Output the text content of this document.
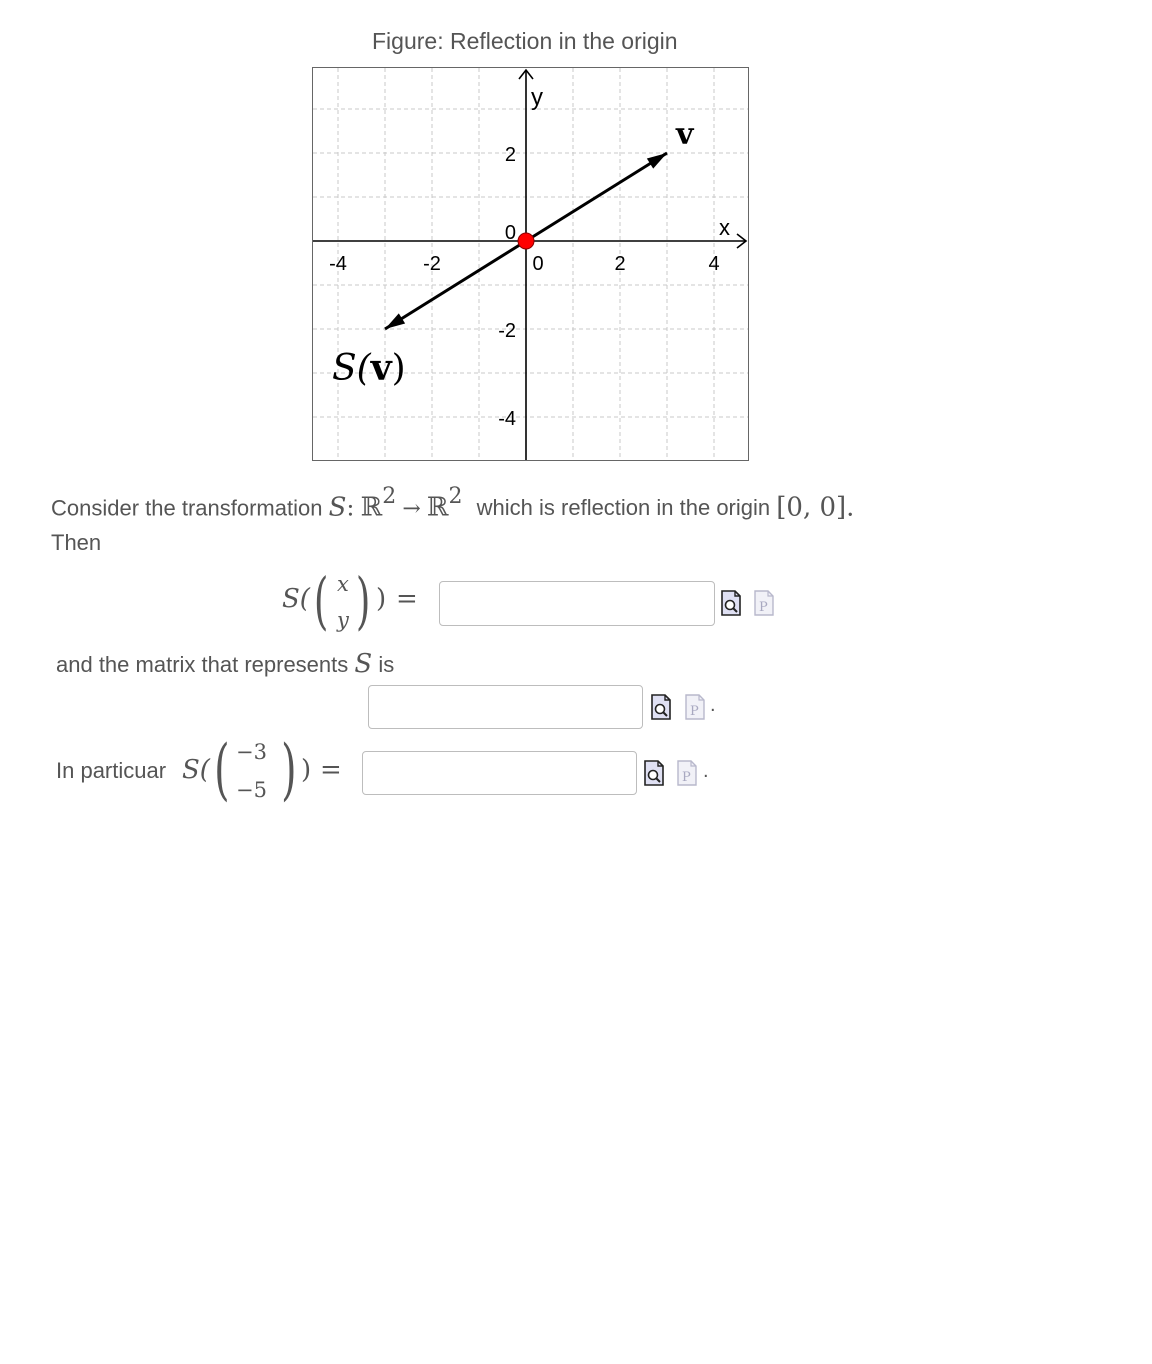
Figure: Reflection in the origin
-4	-2	0	2	4
2
0
-2
-4
x
y
v
S(v)
Consider the transformation S: ℝ$^2$ → ℝ$^2$ which is reflection in the origin [0, 0].
Then
S( ( x
y ) ) =	P
and the matrix that represents S is
P .
In particuar S( ( −3
−5 ) ) =	P .
